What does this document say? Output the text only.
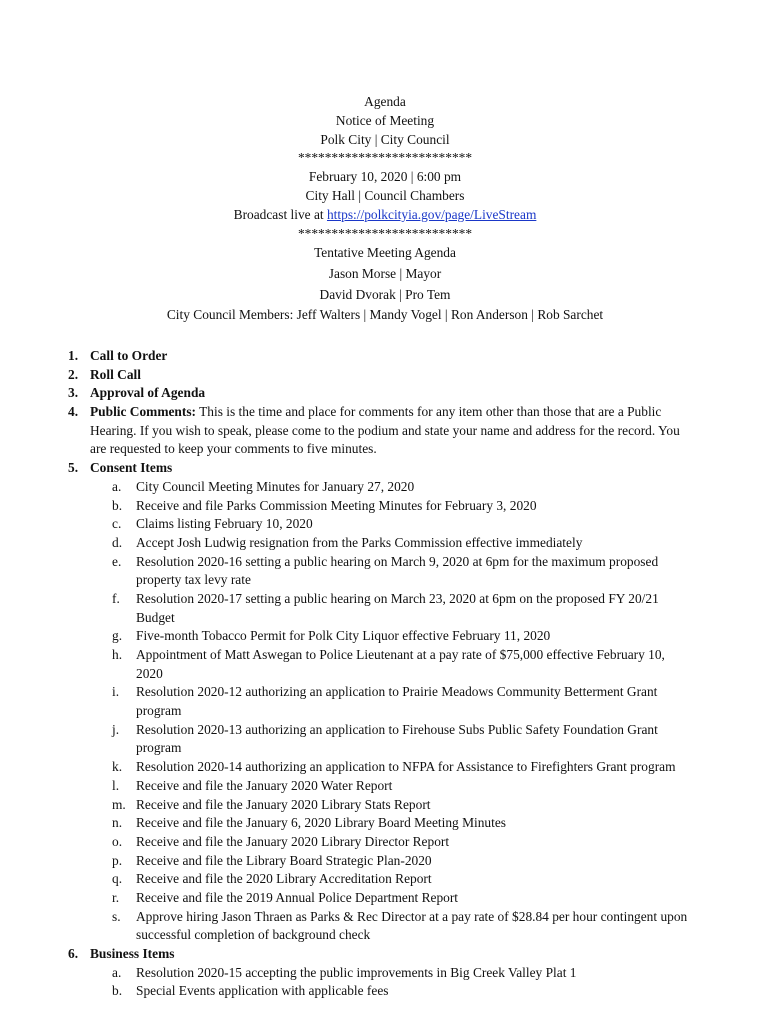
Agenda
Notice of Meeting
Polk City | City Council
**************************
February 10, 2020 | 6:00 pm
City Hall | Council Chambers
Broadcast live at https://polkcityia.gov/page/LiveStream
**************************
Tentative Meeting Agenda
Jason Morse | Mayor
David Dvorak | Pro Tem
City Council Members: Jeff Walters | Mandy Vogel | Ron Anderson | Rob Sarchet
1. Call to Order
2. Roll Call
3. Approval of Agenda
4. Public Comments: This is the time and place for comments for any item other than those that are a Public
Hearing. If you wish to speak, please come to the podium and state your name and address for the record. You
are requested to keep your comments to five minutes.
5. Consent Items
a. City Council Meeting Minutes for January 27, 2020
b. Receive and file Parks Commission Meeting Minutes for February 3, 2020
c. Claims listing February 10, 2020
d. Accept Josh Ludwig resignation from the Parks Commission effective immediately
e. Resolution 2020-16 setting a public hearing on March 9, 2020 at 6pm for the maximum proposed
property tax levy rate
f. Resolution 2020-17 setting a public hearing on March 23, 2020 at 6pm on the proposed FY 20/21
Budget
g. Five-month Tobacco Permit for Polk City Liquor effective February 11, 2020
h. Appointment of Matt Aswegan to Police Lieutenant at a pay rate of $75,000 effective February 10,
2020
i. Resolution 2020-12 authorizing an application to Prairie Meadows Community Betterment Grant
program
j. Resolution 2020-13 authorizing an application to Firehouse Subs Public Safety Foundation Grant
program
k. Resolution 2020-14 authorizing an application to NFPA for Assistance to Firefighters Grant program
l. Receive and file the January 2020 Water Report
m. Receive and file the January 2020 Library Stats Report
n. Receive and file the January 6, 2020 Library Board Meeting Minutes
o. Receive and file the January 2020 Library Director Report
p. Receive and file the Library Board Strategic Plan-2020
q. Receive and file the 2020 Library Accreditation Report
r. Receive and file the 2019 Annual Police Department Report
s. Approve hiring Jason Thraen as Parks & Rec Director at a pay rate of $28.84 per hour contingent upon
successful completion of background check
6. Business Items
a. Resolution 2020-15 accepting the public improvements in Big Creek Valley Plat 1
b. Special Events application with applicable fees
